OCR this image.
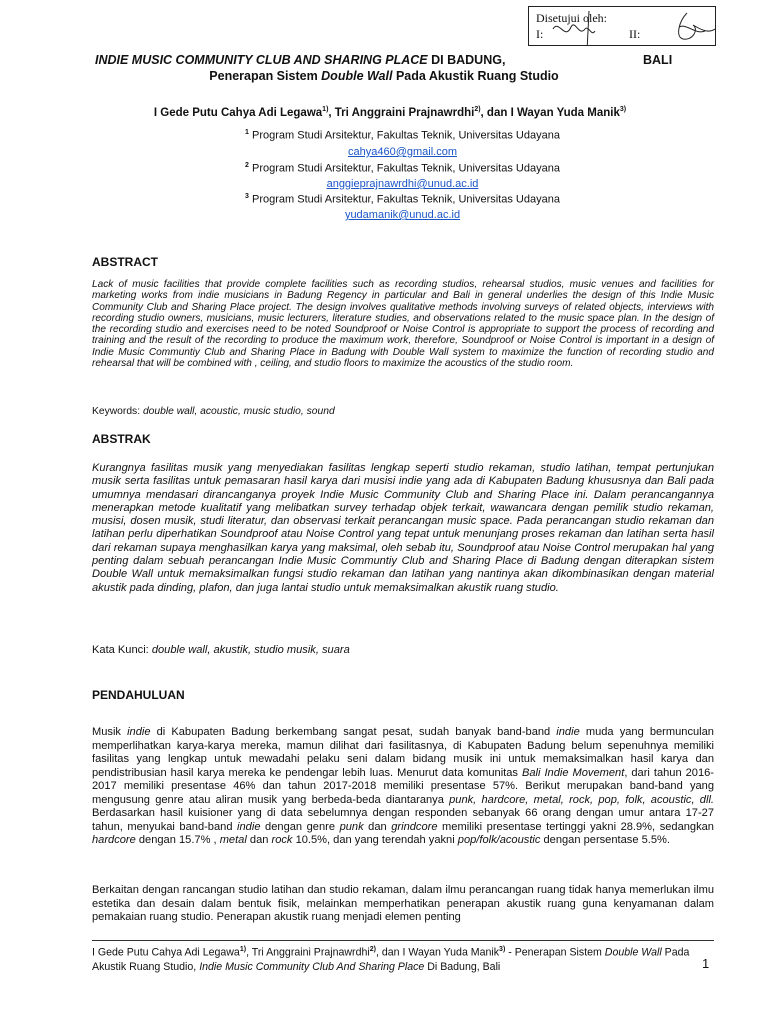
Disetujui oleh:
I:	II:
INDIE MUSIC COMMUNITY CLUB AND SHARING PLACE DI BADUNG,	BALI
Penerapan Sistem Double Wall Pada Akustik Ruang Studio
I Gede Putu Cahya Adi Legawa$^{1)}$, Tri Anggraini Prajnawrdhi$^{2)}$, dan I Wayan Yuda Manik$^{3)}$
$^1$ Program Studi Arsitektur, Fakultas Teknik, Universitas Udayana
cahya460@gmail.com
$^2$ Program Studi Arsitektur, Fakultas Teknik, Universitas Udayana
anggieprajnawrdhi@unud.ac.id
$^3$ Program Studi Arsitektur, Fakultas Teknik, Universitas Udayana
yudamanik@unud.ac.id
ABSTRACT
Lack of music facilities that provide complete facilities such as recording studios, rehearsal studios, music venues and facilities for marketing works from indie musicians in Badung Regency in particular and Bali in general underlies the design of this Indie Music Community Club and Sharing Place project. The design involves qualitative methods involving surveys of related objects, interviews with recording studio owners, musicians, music lecturers, literature studies, and observations related to the music space plan. In the design of the recording studio and exercises need to be noted Soundproof or Noise Control is appropriate to support the process of recording and training and the result of the recording to produce the maximum work, therefore, Soundproof or Noise Control is important in a design of Indie Music Communtiy Club and Sharing Place in Badung with Double Wall system to maximize the function of recording studio and rehearsal that will be combined with , ceiling, and studio floors to maximize the acoustics of the studio room.
Keywords: double wall, acoustic, music studio, sound
ABSTRAK
Kurangnya fasilitas musik yang menyediakan fasilitas lengkap seperti studio rekaman, studio latihan, tempat pertunjukan musik serta fasilitas untuk pemasaran hasil karya dari musisi indie yang ada di Kabupaten Badung khususnya dan Bali pada umumnya mendasari dirancanganya proyek Indie Music Community Club and Sharing Place ini. Dalam perancangannya menerapkan metode kualitatif yang melibatkan survey terhadap objek terkait, wawancara dengan pemilik studio rekaman, musisi, dosen musik, studi literatur, dan observasi terkait perancangan music space. Pada perancangan studio rekaman dan latihan perlu diperhatikan Soundproof atau Noise Control yang tepat untuk menunjang proses rekaman dan latihan serta hasil dari rekaman supaya menghasilkan karya yang maksimal, oleh sebab itu, Soundproof atau Noise Control merupakan hal yang penting dalam sebuah perancangan Indie Music Communtiy Club and Sharing Place di Badung dengan diterapkan sistem Double Wall untuk memaksimalkan fungsi studio rekaman dan latihan yang nantinya akan dikombinasikan dengan material akustik pada dinding, plafon, dan juga lantai studio untuk memaksimalkan akustik ruang studio.
Kata Kunci: double wall, akustik, studio musik, suara
PENDAHULUAN
Musik indie di Kabupaten Badung berkembang sangat pesat, sudah banyak band-band indie muda yang bermunculan memperlihatkan karya-karya mereka, mamun dilihat dari fasilitasnya, di Kabupaten Badung belum sepenuhnya memiliki fasilitas yang lengkap untuk mewadahi pelaku seni dalam bidang musik ini untuk memaksimalkan hasil karya dan pendistribusian hasil karya mereka ke pendengar lebih luas. Menurut data komunitas Bali Indie Movement, dari tahun 2016-2017 memiliki presentase 46% dan tahun 2017-2018 memiliki presentase 57%. Berikut merupakan band-band yang mengusung genre atau aliran musik yang berbeda-beda diantaranya punk, hardcore, metal, rock, pop, folk, acoustic, dll. Berdasarkan hasil kuisioner yang di data sebelumnya dengan responden sebanyak 66 orang dengan umur antara 17-27 tahun, menyukai band-band indie dengan genre punk dan grindcore memiliki presentase tertinggi yakni 28.9%, sedangkan hardcore dengan 15.7% , metal dan rock 10.5%, dan yang terendah yakni pop/folk/acoustic dengan persentase 5.5%.
Berkaitan dengan rancangan studio latihan dan studio rekaman, dalam ilmu perancangan ruang tidak hanya memerlukan ilmu estetika dan desain dalam bentuk fisik, melainkan memperhatikan penerapan akustik ruang guna kenyamanan dalam pemakaian ruang studio. Penerapan akustik ruang menjadi elemen penting
I Gede Putu Cahya Adi Legawa$^{1)}$, Tri Anggraini Prajnawrdhi$^{2)}$, dan I Wayan Yuda Manik$^{3)}$ - Penerapan Sistem Double Wall Pada Akustik Ruang Studio, Indie Music Community Club And Sharing Place Di Badung, Bali	1
